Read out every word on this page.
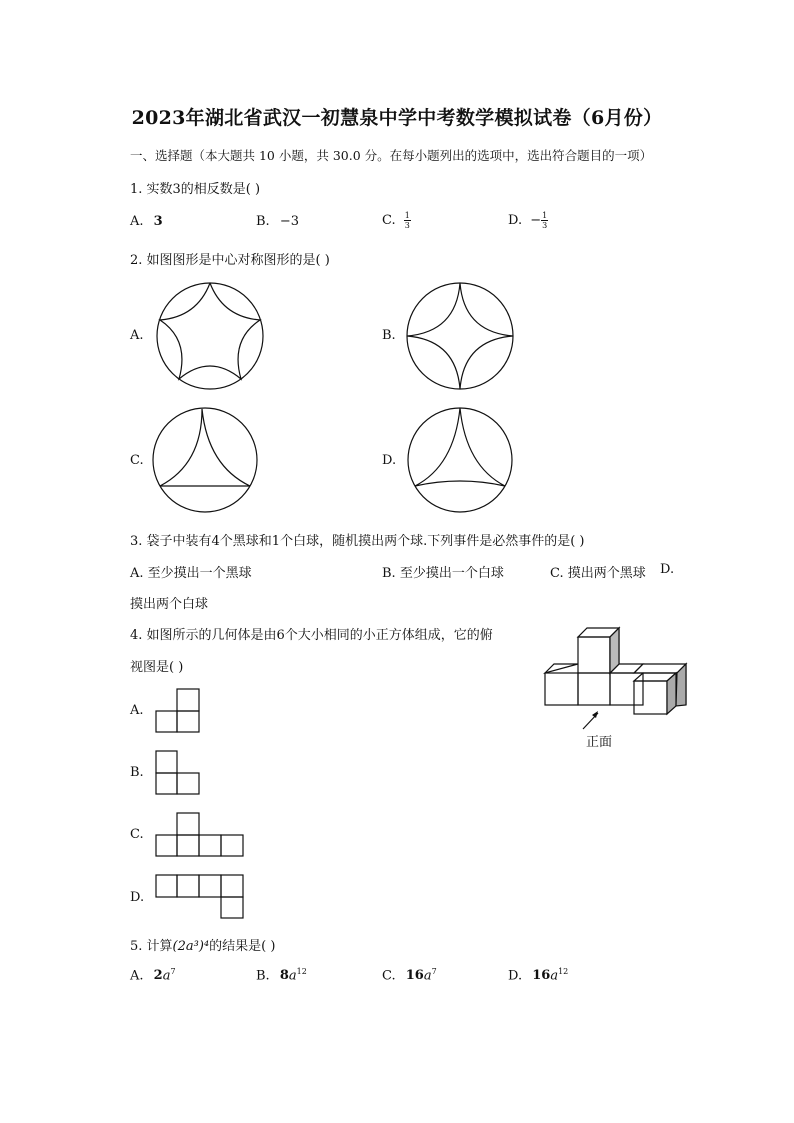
2023年湖北省武汉一初慧泉中学中考数学模拟试卷（6月份）
一、选择题（本大题共 10 小题，共 30.0 分。在每小题列出的选项中，选出符合题目的一项）
1. 实数3的相反数是( )
A. 3	B. −3	C. $\frac{1}{3}$	D. − $\frac{1}{3}$
2. 如图图形是中心对称图形的是( )
A.	B.
C.	D.
3. 袋子中装有4个黑球和1个白球，随机摸出两个球.下列事件是必然事件的是( )
A. 至少摸出一个黑球	B. 至少摸出一个白球	C. 摸出两个黑球 D.
摸出两个白球
4. 如图所示的几何体是由6个大小相同的小正方体组成，它的俯
视图是( )
正面
A.
B.
C.
D.
5. 计算(2a³)⁴的结果是( )
A. $2a^7$	B. $8a^{12}$	C. $16a^7$	D. $16a^{12}$
